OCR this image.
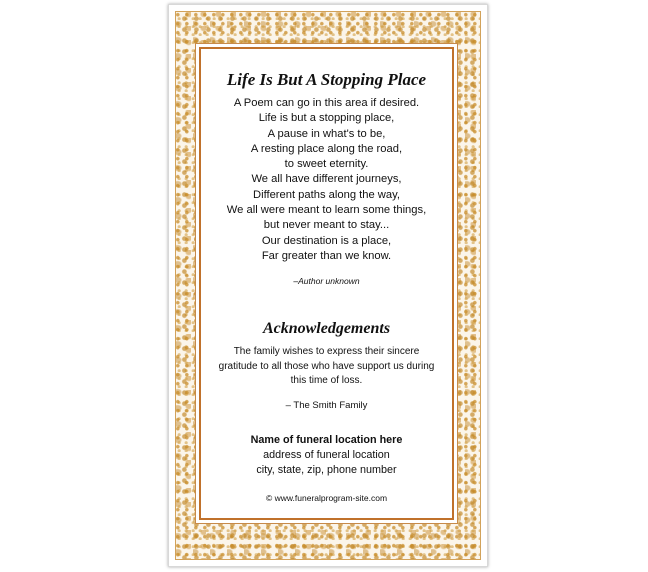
Life Is But A Stopping Place
A Poem can go in this area if desired.
Life is but a stopping place,
A pause in what's to be,
A resting place along the road,
to sweet eternity.
We all have different journeys,
Different paths along the way,
We all were meant to learn some things,
but never meant to stay...
Our destination is a place,
Far greater than we know.
–Author unknown
Acknowledgements
The family wishes to express their sincere
gratitude to all those who have support us during
this time of loss.
– The Smith Family
Name of funeral location here
address of funeral location
city, state, zip, phone number
© www.funeralprogram-site.com
